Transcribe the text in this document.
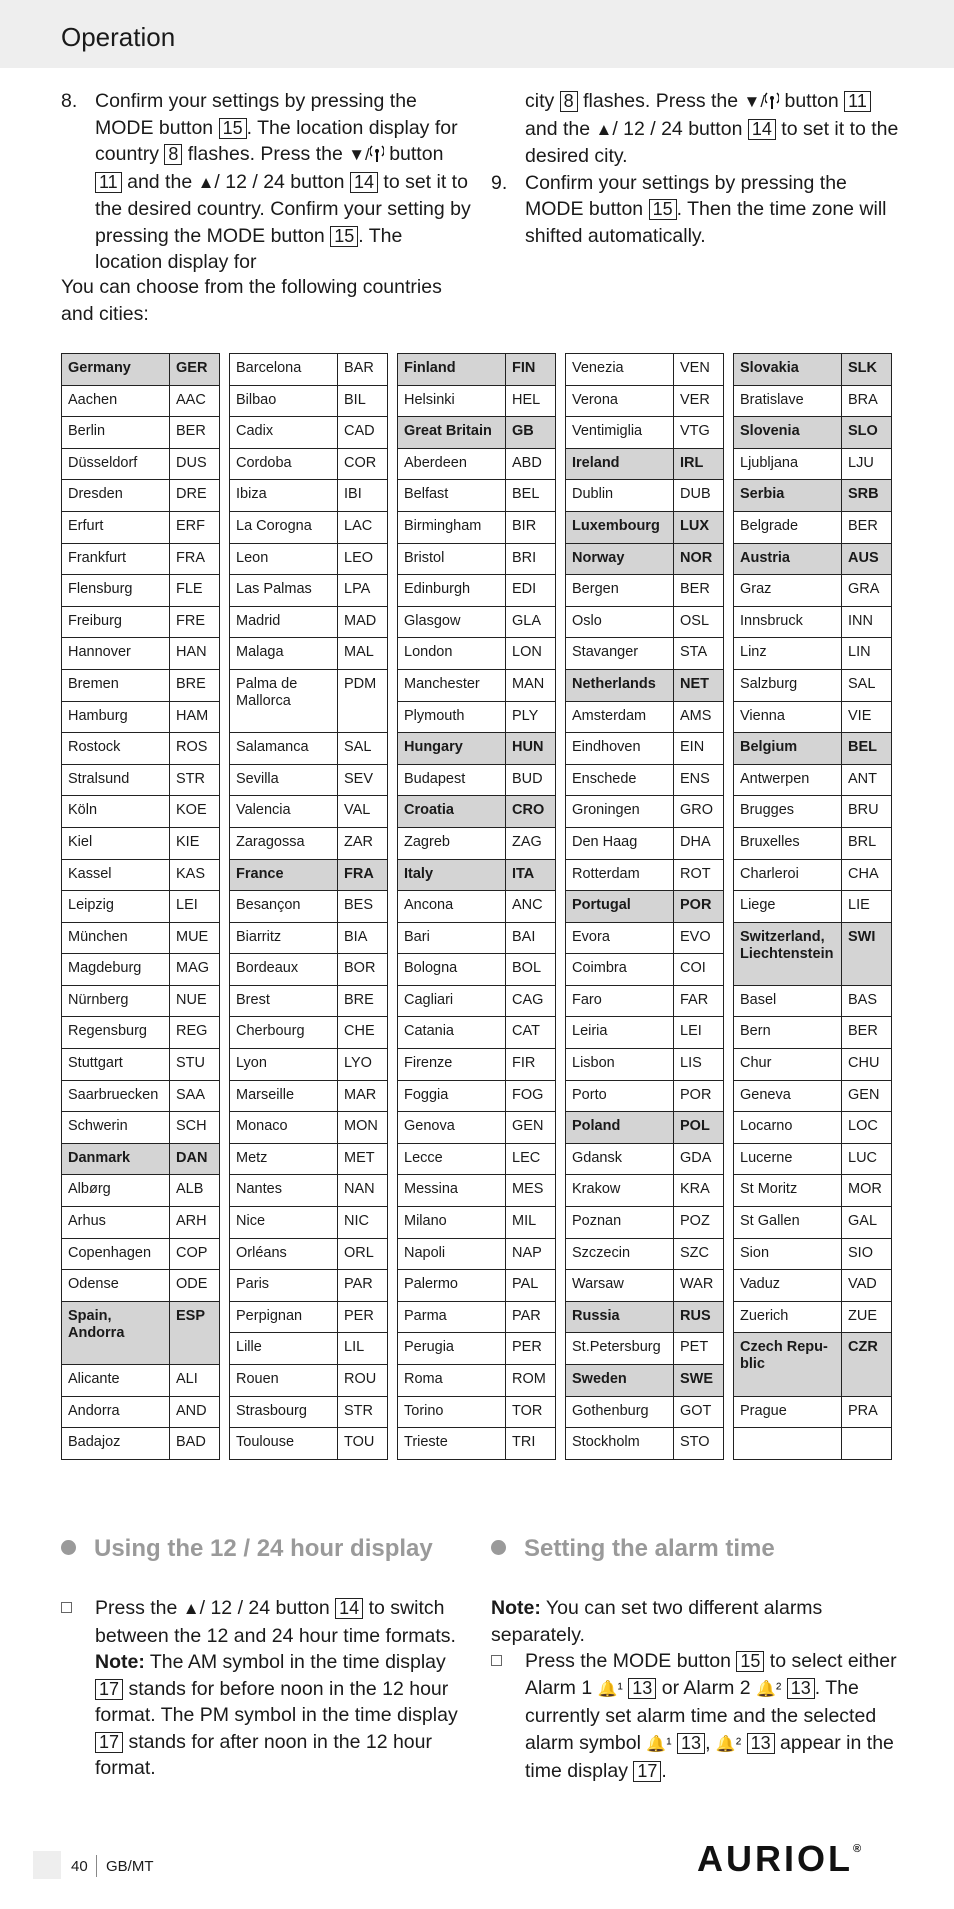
Operation
8. Confirm your settings by pressing the MODE button 15 . The location display for country 8 flashes. Press the ▼/ button 11 and the ▲/ 12 / 24 button 14 to set it to the desired country. Confirm your setting by pressing the MODE button 15 . The location display for
city 8 flashes. Press the ▼/ button 11 and the ▲/ 12 / 24 button 14 to set it to the desired city.
9. Confirm your settings by pressing the MODE button 15 . Then the time zone will shifted automatically.
You can choose from the following countries and cities:
Germany	GER
Aachen	AAC
Berlin	BER
Düsseldorf	DUS
Dresden	DRE
Erfurt	ERF
Frankfurt	FRA
Flensburg	FLE
Freiburg	FRE
Hannover	HAN
Bremen	BRE
Hamburg	HAM
Rostock	ROS
Stralsund	STR
Köln	KOE
Kiel	KIE
Kassel	KAS
Leipzig	LEI
München	MUE
Magdeburg	MAG
Nürnberg	NUE
Regensburg	REG
Stuttgart	STU
Saarbruecken	SAA
Schwerin	SCH
Danmark	DAN
Albørg	ALB
Arhus	ARH
Copenhagen	COP
Odense	ODE
Spain, Andorra	ESP
Alicante	ALI
Andorra	AND
Badajoz	BAD
Barcelona	BAR
Bilbao	BIL
Cadix	CAD
Cordoba	COR
Ibiza	IBI
La Corogna	LAC
Leon	LEO
Las Palmas	LPA
Madrid	MAD
Malaga	MAL
Palma de Mallorca	PDM
Salamanca	SAL
Sevilla	SEV
Valencia	VAL
Zaragossa	ZAR
France	FRA
Besançon	BES
Biarritz	BIA
Bordeaux	BOR
Brest	BRE
Cherbourg	CHE
Lyon	LYO
Marseille	MAR
Monaco	MON
Metz	MET
Nantes	NAN
Nice	NIC
Orléans	ORL
Paris	PAR
Perpignan	PER
Lille	LIL
Rouen	ROU
Strasbourg	STR
Toulouse	TOU
Finland	FIN
Helsinki	HEL
Great Britain	GB
Aberdeen	ABD
Belfast	BEL
Birmingham	BIR
Bristol	BRI
Edinburgh	EDI
Glasgow	GLA
London	LON
Manchester	MAN
Plymouth	PLY
Hungary	HUN
Budapest	BUD
Croatia	CRO
Zagreb	ZAG
Italy	ITA
Ancona	ANC
Bari	BAI
Bologna	BOL
Cagliari	CAG
Catania	CAT
Firenze	FIR
Foggia	FOG
Genova	GEN
Lecce	LEC
Messina	MES
Milano	MIL
Napoli	NAP
Palermo	PAL
Parma	PAR
Perugia	PER
Roma	ROM
Torino	TOR
Trieste	TRI
Venezia	VEN
Verona	VER
Ventimiglia	VTG
Ireland	IRL
Dublin	DUB
Luxembourg	LUX
Norway	NOR
Bergen	BER
Oslo	OSL
Stavanger	STA
Netherlands	NET
Amsterdam	AMS
Eindhoven	EIN
Enschede	ENS
Groningen	GRO
Den Haag	DHA
Rotterdam	ROT
Portugal	POR
Evora	EVO
Coimbra	COI
Faro	FAR
Leiria	LEI
Lisbon	LIS
Porto	POR
Poland	POL
Gdansk	GDA
Krakow	KRA
Poznan	POZ
Szczecin	SZC
Warsaw	WAR
Russia	RUS
St.Petersburg	PET
Sweden	SWE
Gothenburg	GOT
Stockholm	STO
Slovakia	SLK
Bratislave	BRA
Slovenia	SLO
Ljubljana	LJU
Serbia	SRB
Belgrade	BER
Austria	AUS
Graz	GRA
Innsbruck	INN
Linz	LIN
Salzburg	SAL
Vienna	VIE
Belgium	BEL
Antwerpen	ANT
Brugges	BRU
Bruxelles	BRL
Charleroi	CHA
Liege	LIE
Switzerland, Liechtenstein	SWI
Basel	BAS
Bern	BER
Chur	CHU
Geneva	GEN
Locarno	LOC
Lucerne	LUC
St Moritz	MOR
St Gallen	GAL
Sion	SIO
Vaduz	VAD
Zuerich	ZUE
Czech Repu-blic	CZR
Prague	PRA

Using the 12 / 24 hour display
Press the ▲/ 12 / 24 button 14 to switch between the 12 and 24 hour time formats.
Note: The AM symbol in the time display 17 stands for before noon in the 12 hour format. The PM symbol in the time display 17 stands for after noon in the 12 hour format.
Setting the alarm time
Note: You can set two different alarms separately.
Press the MODE button 15 to select either Alarm 1 🔔¹ 13 or Alarm 2 🔔² 13 . The currently set alarm time and the selected alarm symbol 🔔¹ 13 , 🔔² 13 appear in the time display 17 .
40 GB/MT	AURIOL®
